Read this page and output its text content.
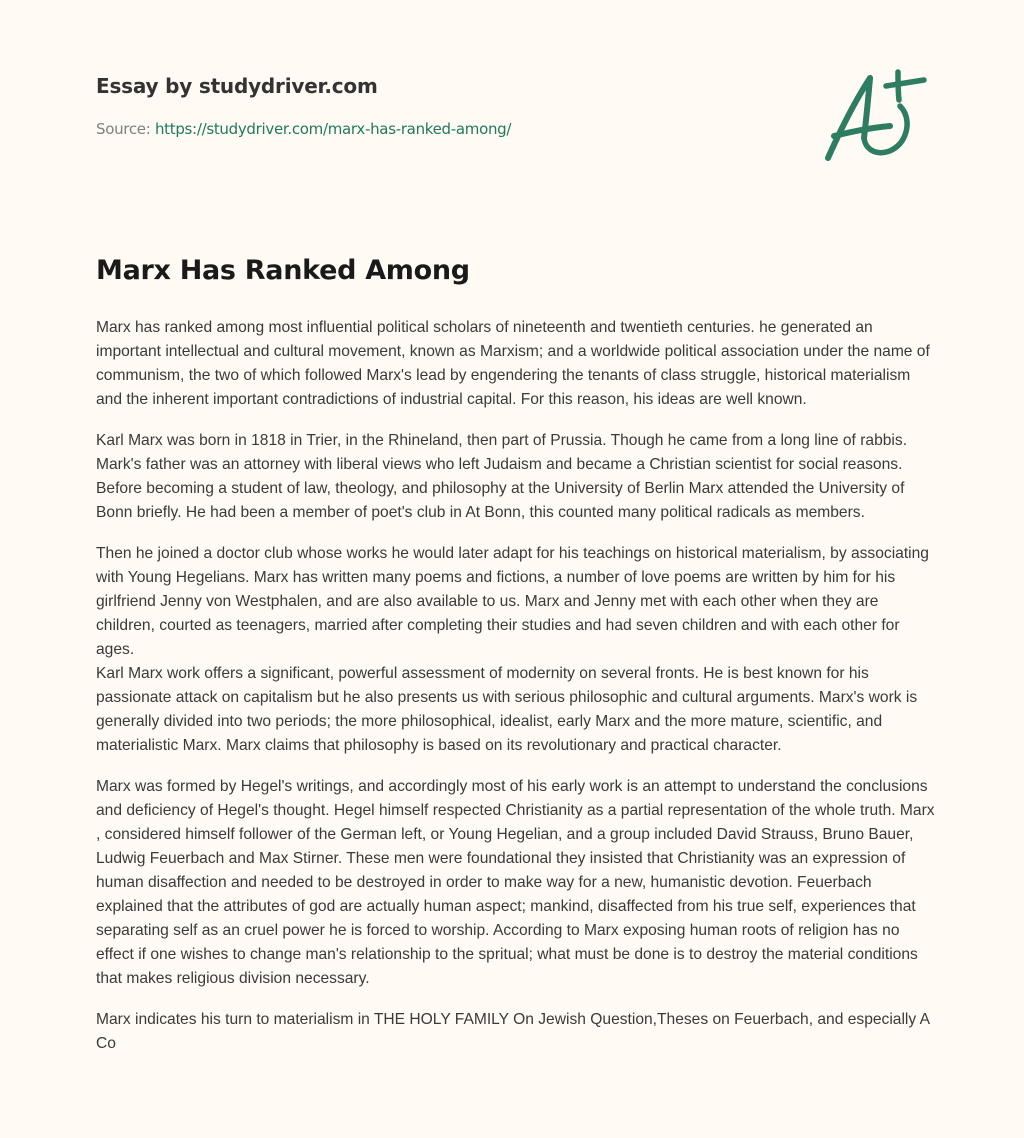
Essay by studydriver.com
Source: https://studydriver.com/marx-has-ranked-among/
Marx Has Ranked Among

Marx has ranked among most influential political scholars of nineteenth and twentieth centuries. he generated an important intellectual and cultural movement, known as Marxism; and a worldwide political association under the name of communism, the two of which followed Marx's lead by engendering the tenants of class struggle, historical materialism and the inherent important contradictions of industrial capital. For this reason, his ideas are well known.

Karl Marx was born in 1818 in Trier, in the Rhineland, then part of Prussia. Though he came from a long line of rabbis. Mark's father was an attorney with liberal views who left Judaism and became a Christian scientist for social reasons. Before becoming a student of law, theology, and philosophy at the University of Berlin Marx attended the University of Bonn briefly. He had been a member of poet's club in At Bonn, this counted many political radicals as members.

Then he joined a doctor club whose works he would later adapt for his teachings on historical materialism, by associating with Young Hegelians. Marx has written many poems and fictions, a number of love poems are written by him for his girlfriend Jenny von Westphalen, and are also available to us. Marx and Jenny met with each other when they are children, courted as teenagers, married after completing their studies and had seven children and with each other for ages.

Karl Marx work offers a significant, powerful assessment of modernity on several fronts. He is best known for his passionate attack on capitalism but he also presents us with serious philosophic and cultural arguments. Marx's work is generally divided into two periods; the more philosophical, idealist, early Marx and the more mature, scientific, and materialistic Marx. Marx claims that philosophy is based on its revolutionary and practical character.

Marx was formed by Hegel's writings, and accordingly most of his early work is an attempt to understand the conclusions and deficiency of Hegel's thought. Hegel himself respected Christianity as a partial representation of the whole truth. Marx , considered himself follower of the German left, or Young Hegelian, and a group included David Strauss, Bruno Bauer, Ludwig Feuerbach and Max Stirner. These men were foundational they insisted that Christianity was an expression of human disaffection and needed to be destroyed in order to make way for a new, humanistic devotion. Feuerbach explained that the attributes of god are actually human aspect; mankind, disaffected from his true self, experiences that separating self as an cruel power he is forced to worship. According to Marx exposing human roots of religion has no effect if one wishes to change man's relationship to the spritual; what must be done is to destroy the material conditions that makes religious division necessary.

Marx indicates his turn to materialism in THE HOLY FAMILY On Jewish Question,Theses on Feuerbach, and especially A Co
